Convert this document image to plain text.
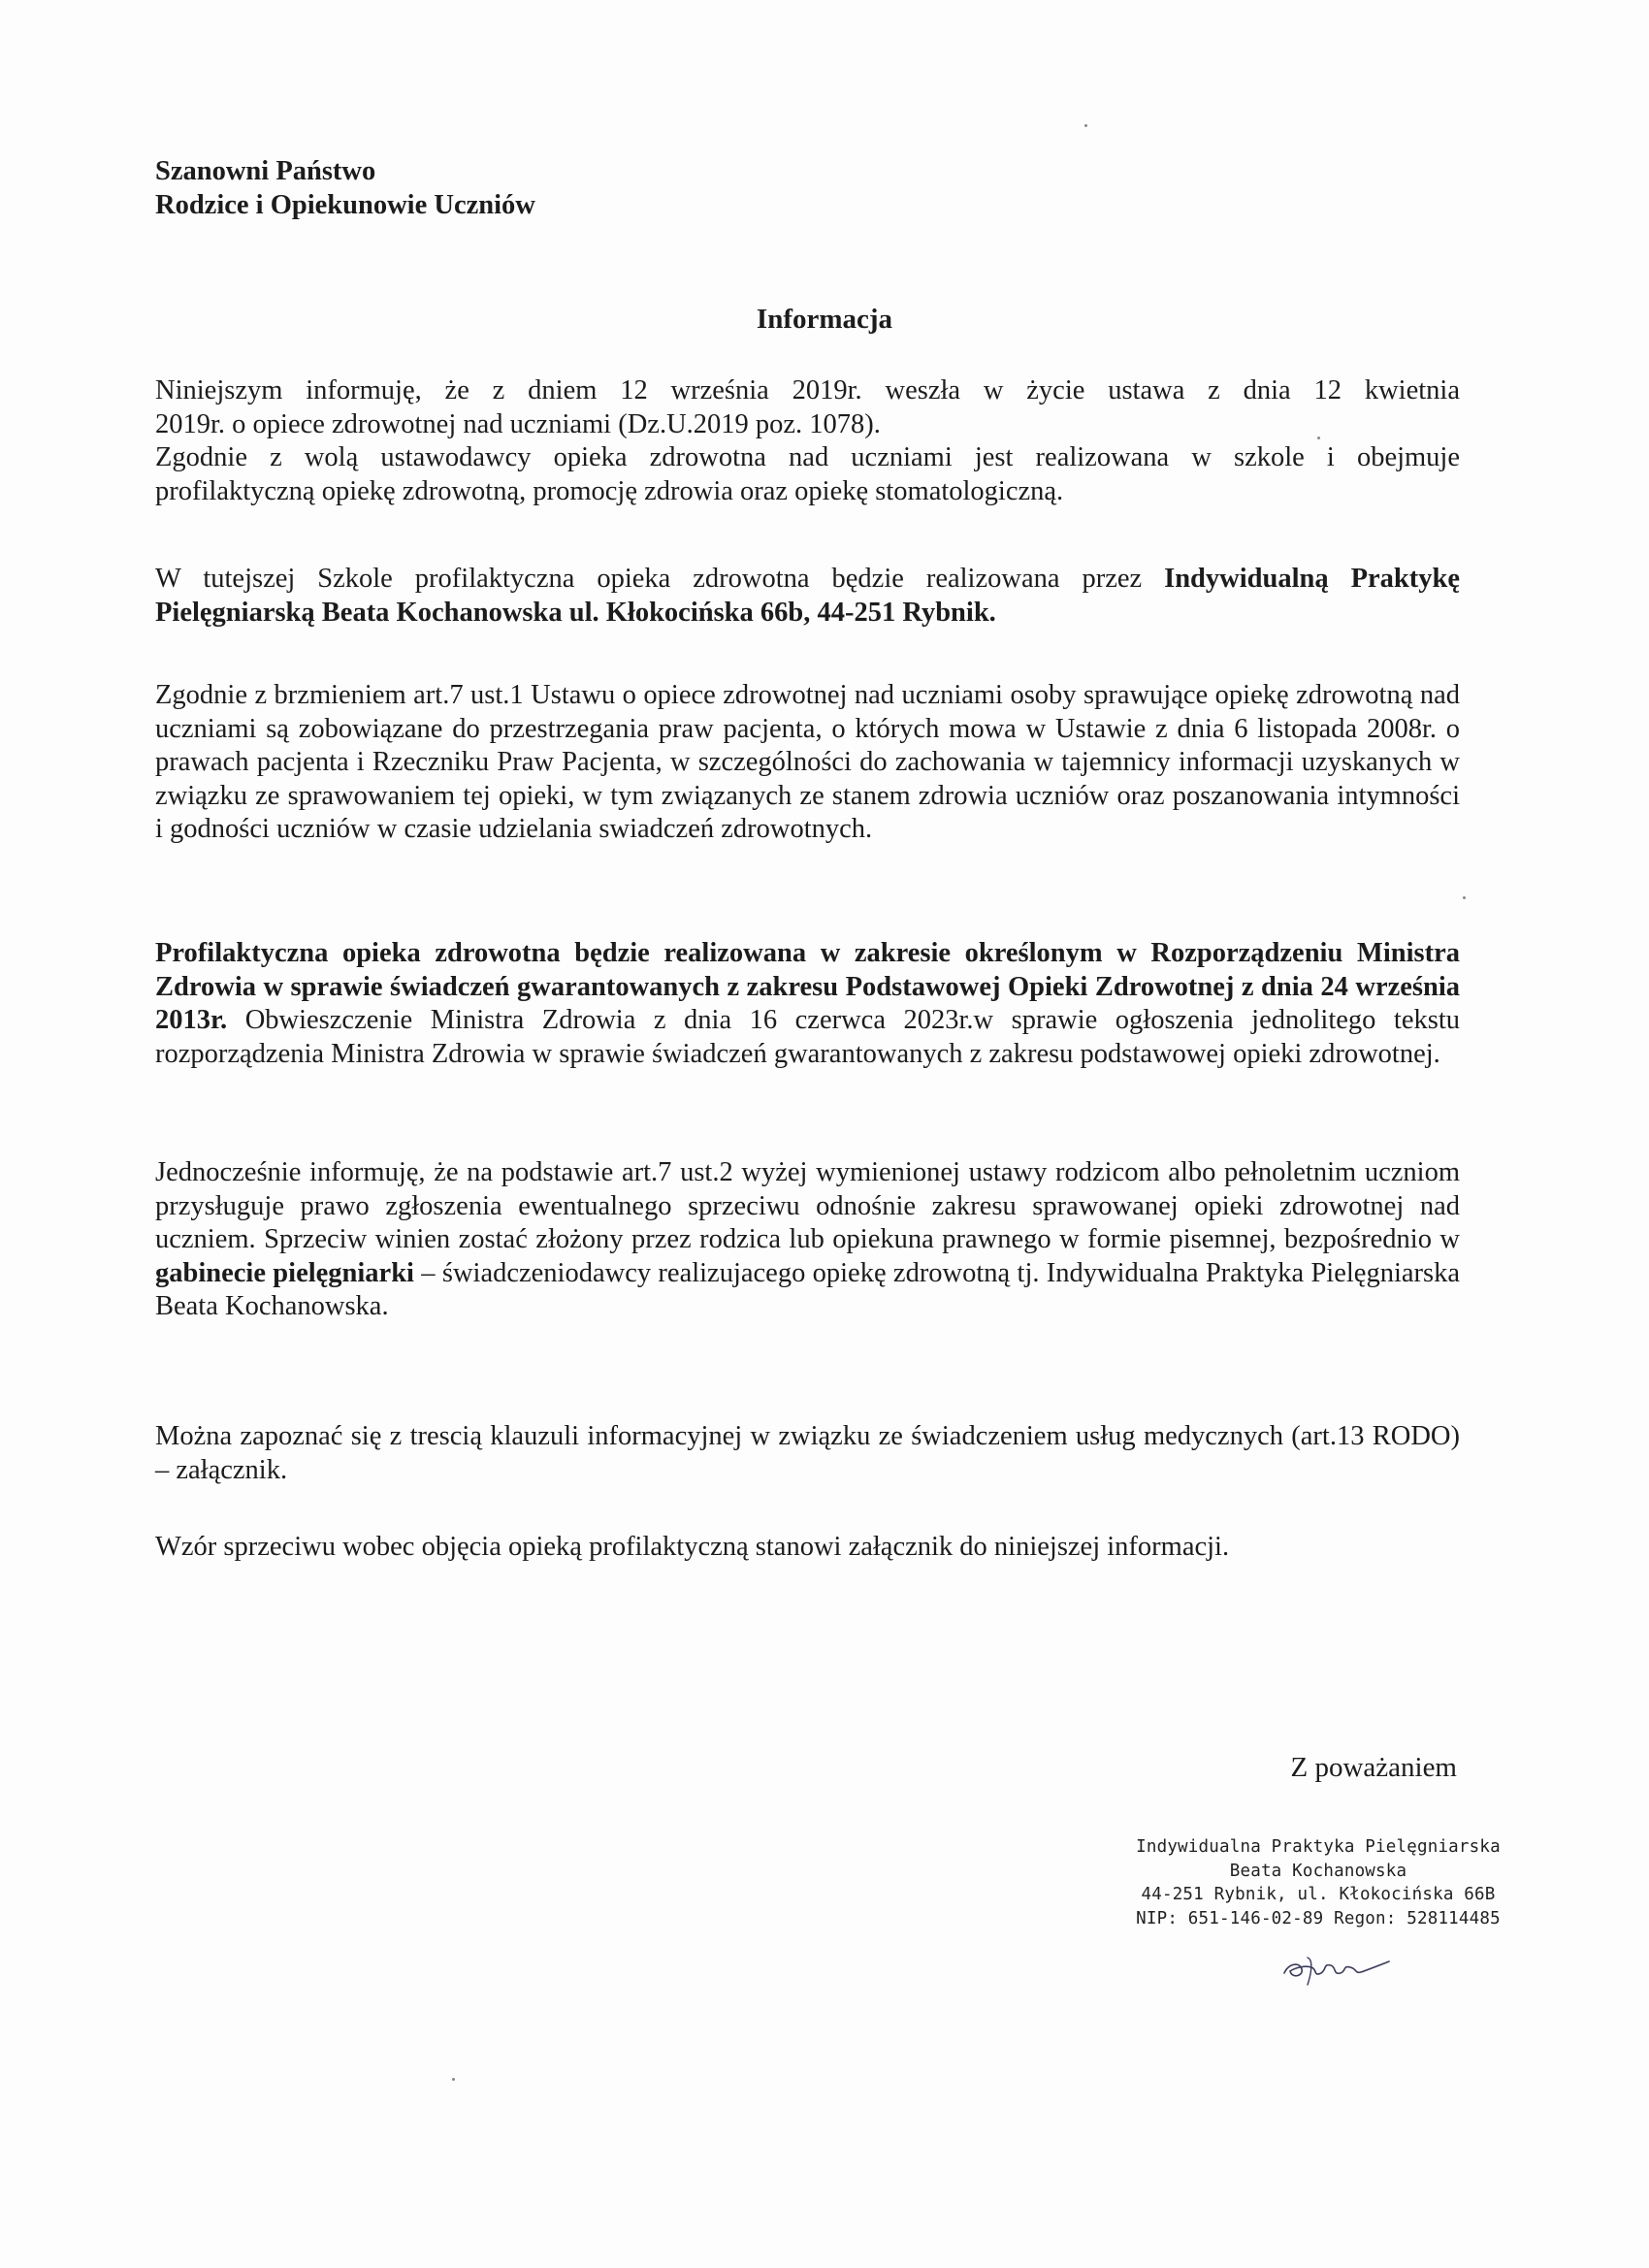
Szanowni Państwo
Rodzice i Opiekunowie Uczniów
Informacja
Niniejszym informuję, że z dniem 12 września 2019r. weszła w życie ustawa z dnia 12 kwietnia
2019r. o opiece zdrowotnej nad uczniami (Dz.U.2019 poz. 1078).
Zgodnie z wolą ustawodawcy opieka zdrowotna nad uczniami jest realizowana w szkole i obejmuje
profilaktyczną opiekę zdrowotną, promocję zdrowia oraz opiekę stomatologiczną.
W tutejszej Szkole profilaktyczna opieka zdrowotna będzie realizowana przez Indywidualną Praktykę Pielęgniarską Beata Kochanowska ul. Kłokocińska 66b, 44-251 Rybnik.
Zgodnie z brzmieniem art.7 ust.1 Ustawu o opiece zdrowotnej nad uczniami osoby sprawujące opiekę zdrowotną nad uczniami są zobowiązane do przestrzegania praw pacjenta, o których mowa w Ustawie z dnia 6 listopada 2008r. o prawach pacjenta i Rzeczniku Praw Pacjenta, w szczególności do zachowania w tajemnicy informacji uzyskanych w związku ze sprawowaniem tej opieki, w tym związanych ze stanem zdrowia uczniów oraz poszanowania intymności i godności uczniów w czasie udzielania swiadczeń zdrowotnych.
Profilaktyczna opieka zdrowotna będzie realizowana w zakresie określonym w Rozporządzeniu Ministra Zdrowia w sprawie świadczeń gwarantowanych z zakresu Podstawowej Opieki Zdrowotnej z dnia 24 września 2013r. Obwieszczenie Ministra Zdrowia z dnia 16 czerwca 2023r.w sprawie ogłoszenia jednolitego tekstu rozporządzenia Ministra Zdrowia w sprawie świadczeń gwarantowanych z zakresu podstawowej opieki zdrowotnej.
Jednocześnie informuję, że na podstawie art.7 ust.2 wyżej wymienionej ustawy rodzicom albo pełnoletnim uczniom przysługuje prawo zgłoszenia ewentualnego sprzeciwu odnośnie zakresu sprawowanej opieki zdrowotnej nad uczniem. Sprzeciw winien zostać złożony przez rodzica lub opiekuna prawnego w formie pisemnej, bezpośrednio w gabinecie pielęgniarki – świadczeniodawcy realizujacego opiekę zdrowotną tj. Indywidualna Praktyka Pielęgniarska Beata Kochanowska.
Można zapoznać się z trescią klauzuli informacyjnej w związku ze świadczeniem usług medycznych (art.13 RODO) – załącznik.
Wzór sprzeciwu wobec objęcia opieką profilaktyczną stanowi załącznik do niniejszej informacji.
Z poważaniem
Indywidualna Praktyka Pielęgniarska
Beata Kochanowska
44-251 Rybnik, ul. Kłokocińska 66B
NIP: 651-146-02-89 Regon: 528114485
